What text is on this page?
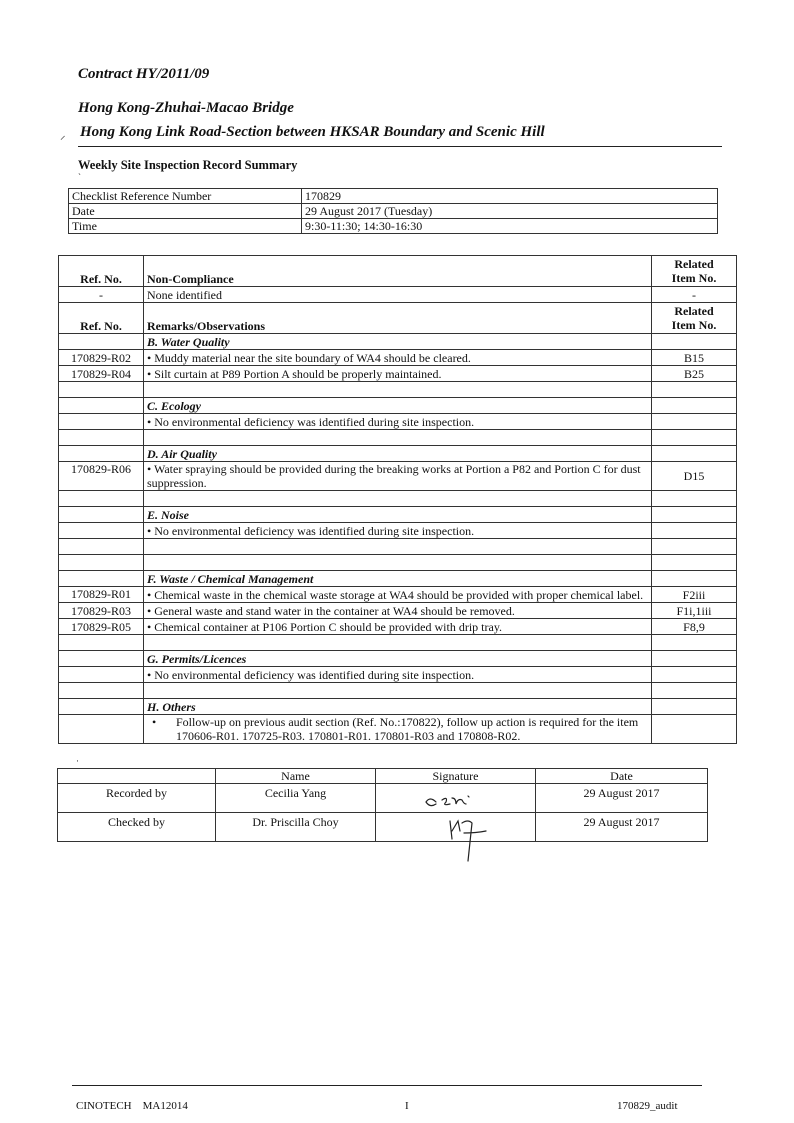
Contract HY/2011/09
Hong Kong-Zhuhai-Macao Bridge
⸝ Hong Kong Link Road-Section between HKSAR Boundary and Scenic Hill
Weekly Site Inspection Record Summary
`
Checklist Reference Number	170829
Date	29 August 2017 (Tuesday)
Time	9:30-11:30; 14:30-16:30
Ref. No.	Non-Compliance	Related
Item No.

-	None identified	-
Ref. No.	Remarks/Observations	Related
Item No.

	B. Water Quality	
170829-R02	• Muddy material near the site boundary of WA4 should be cleared.	B15
170829-R04	• Silt curtain at P89 Portion A should be properly maintained.	B25

	C. Ecology	
	• No environmental deficiency was identified during site inspection.	

	D. Air Quality	
170829-R06	• Water spraying should be provided during the breaking works at Portion a P82 and Portion C for dust suppression.	D15

	E. Noise	
	• No environmental deficiency was identified during site inspection.	

	F. Waste / Chemical Management	
170829-R01	• Chemical waste in the chemical waste storage at WA4 should be provided with proper chemical label.	F2iii
170829-R03	• General waste and stand water in the container at WA4 should be removed.	F1i,1iii
170829-R05	• Chemical container at P106 Portion C should be provided with drip tray.	F8,9

	G. Permits/Licences	
	• No environmental deficiency was identified during site inspection.	

	H. Others	
	• Follow-up on previous audit section (Ref. No.:170822), follow up action is required for the item 170606-R01. 170725-R03. 170801-R01. 170801-R03 and 170808-R02.	
·
	Name	Signature	Date
Recorded by	Cecilia Yang		29 August 2017
Checked by	Dr. Priscilla Choy		29 August 2017
CINOTECH    MA12014	I	170829_audit
